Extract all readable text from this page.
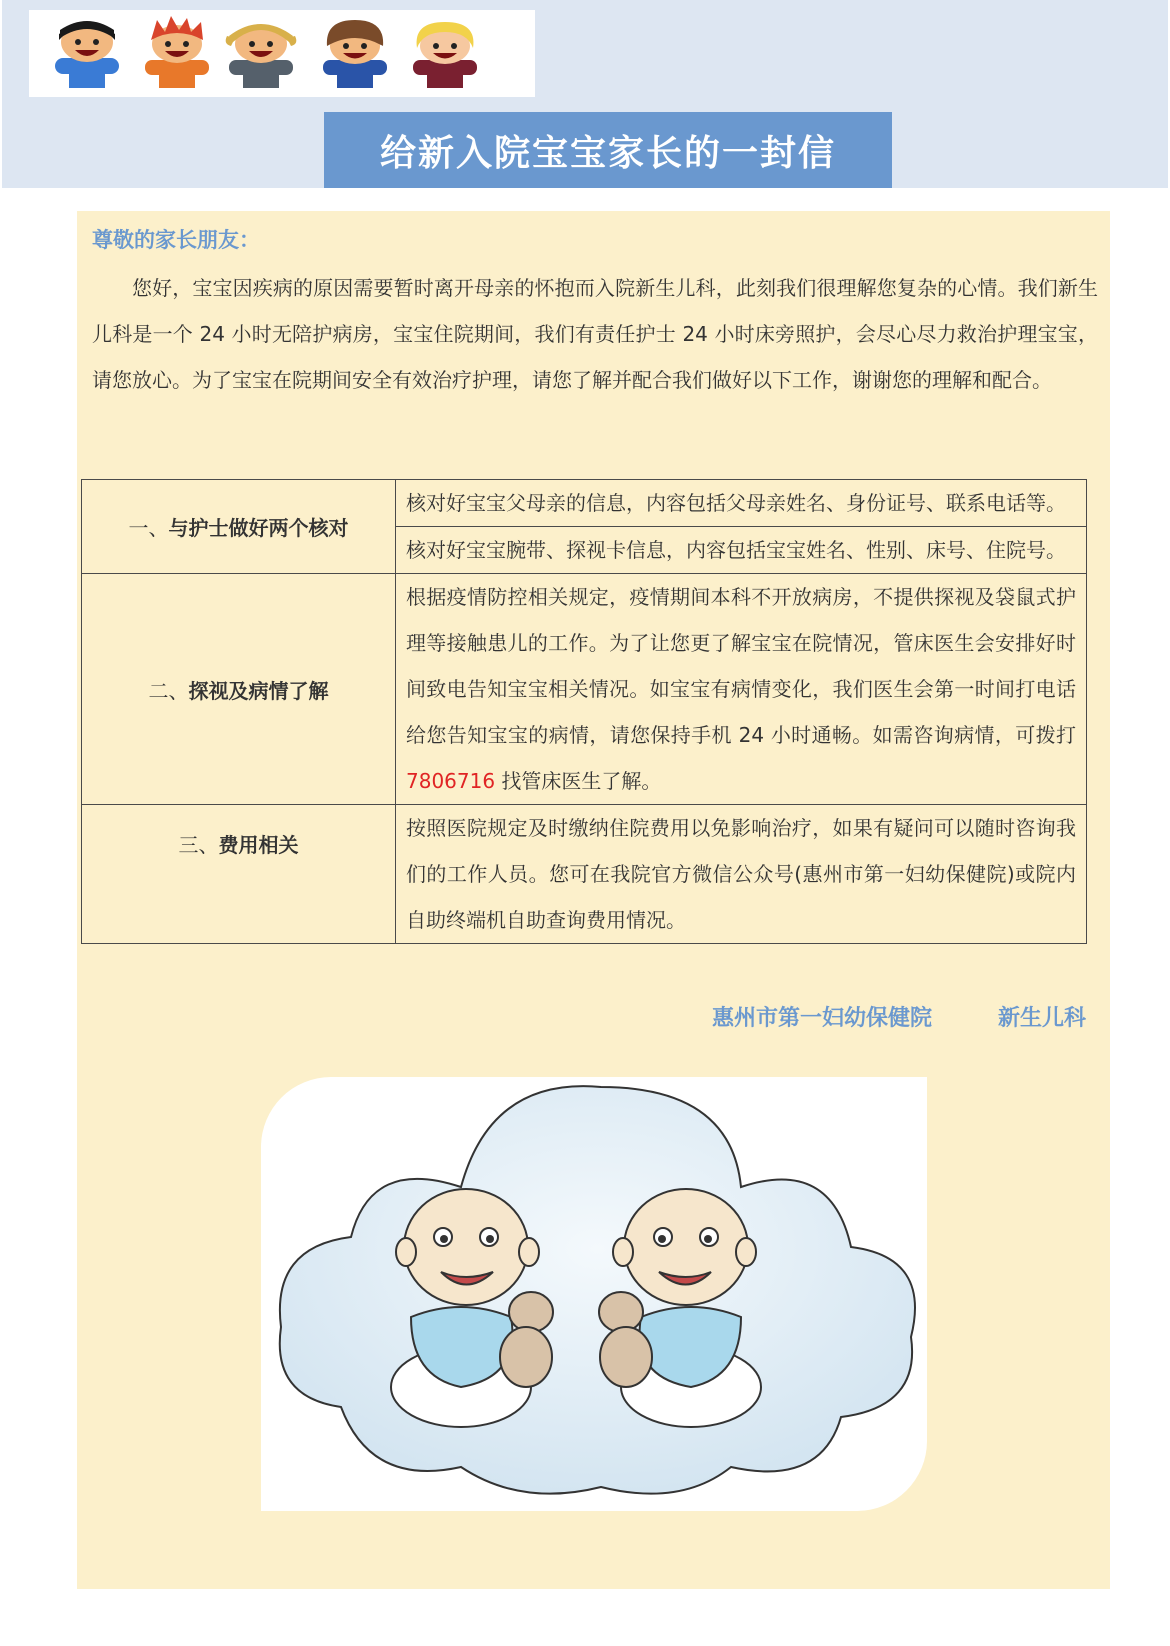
给新入院宝宝家长的一封信
尊敬的家长朋友：

您好，宝宝因疾病的原因需要暂时离开母亲的怀抱而入院新生儿科，此刻我们很理解您复杂的心情。我们新生儿科是一个 24 小时无陪护病房，宝宝住院期间，我们有责任护士 24 小时床旁照护，会尽心尽力救治护理宝宝，请您放心。为了宝宝在院期间安全有效治疗护理，请您了解并配合我们做好以下工作，谢谢您的理解和配合。

一、与护士做好两个核对	核对好宝宝父母亲的信息，内容包括父母亲姓名、身份证号、联系电话等。
	核对好宝宝腕带、探视卡信息，内容包括宝宝姓名、性别、床号、住院号。
二、探视及病情了解	根据疫情防控相关规定，疫情期间本科不开放病房，不提供探视及袋鼠式护理等接触患儿的工作。为了让您更了解宝宝在院情况，管床医生会安排好时间致电告知宝宝相关情况。如宝宝有病情变化，我们医生会第一时间打电话给您告知宝宝的病情，请您保持手机 24 小时通畅。如需咨询病情，可拨打 7806716 找管床医生了解。
三、费用相关	按照医院规定及时缴纳住院费用以免影响治疗，如果有疑问可以随时咨询我们的工作人员。您可在我院官方微信公众号(惠州市第一妇幼保健院)或院内自助终端机自助查询费用情况。
惠州市第一妇幼保健院	新生儿科
